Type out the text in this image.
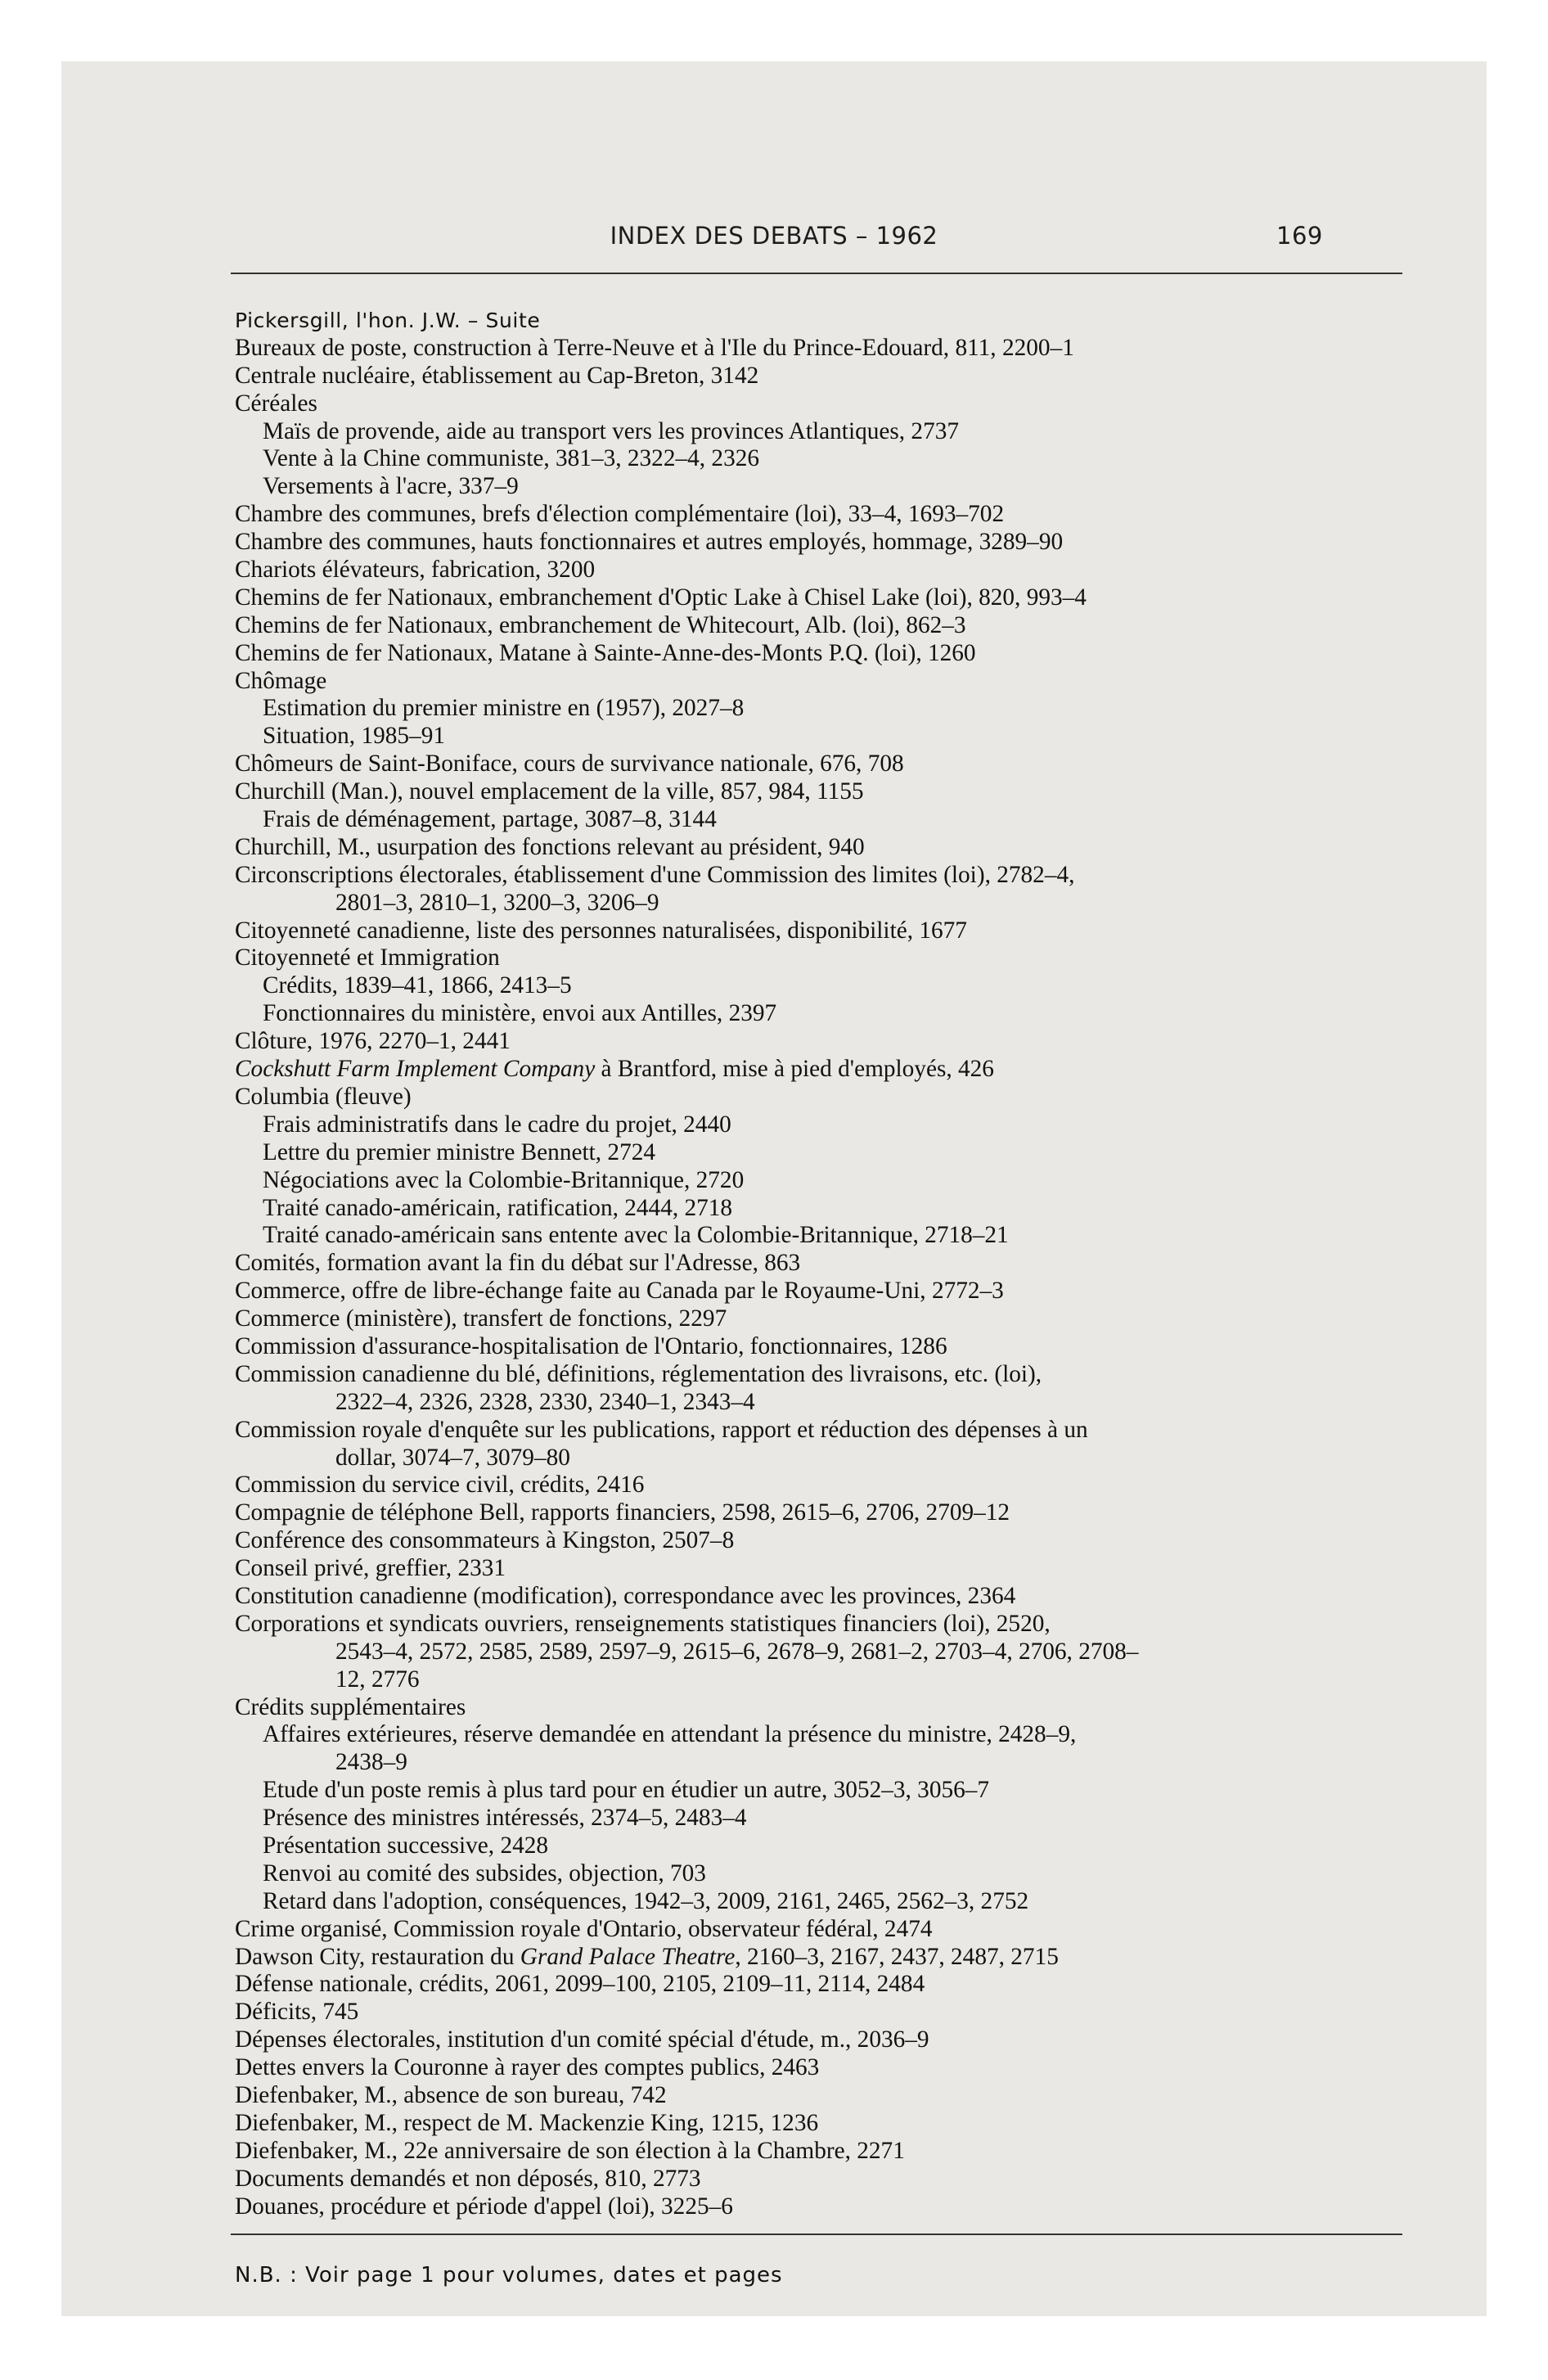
INDEX DES DEBATS – 1962	169
Pickersgill, l'hon. J.W. – Suite
Bureaux de poste, construction à Terre-Neuve et à l'Ile du Prince-Edouard, 811, 2200–1
Centrale nucléaire, établissement au Cap-Breton, 3142
Céréales
Maïs de provende, aide au transport vers les provinces Atlantiques, 2737
Vente à la Chine communiste, 381–3, 2322–4, 2326
Versements à l'acre, 337–9
Chambre des communes, brefs d'élection complémentaire (loi), 33–4, 1693–702
Chambre des communes, hauts fonctionnaires et autres employés, hommage, 3289–90
Chariots élévateurs, fabrication, 3200
Chemins de fer Nationaux, embranchement d'Optic Lake à Chisel Lake (loi), 820, 993–4
Chemins de fer Nationaux, embranchement de Whitecourt, Alb. (loi), 862–3
Chemins de fer Nationaux, Matane à Sainte-Anne-des-Monts P.Q. (loi), 1260
Chômage
Estimation du premier ministre en (1957), 2027–8
Situation, 1985–91
Chômeurs de Saint-Boniface, cours de survivance nationale, 676, 708
Churchill (Man.), nouvel emplacement de la ville, 857, 984, 1155
Frais de déménagement, partage, 3087–8, 3144
Churchill, M., usurpation des fonctions relevant au président, 940
Circonscriptions électorales, établissement d'une Commission des limites (loi), 2782–4,
2801–3, 2810–1, 3200–3, 3206–9
Citoyenneté canadienne, liste des personnes naturalisées, disponibilité, 1677
Citoyenneté et Immigration
Crédits, 1839–41, 1866, 2413–5
Fonctionnaires du ministère, envoi aux Antilles, 2397
Clôture, 1976, 2270–1, 2441
Cockshutt Farm Implement Company à Brantford, mise à pied d'employés, 426
Columbia (fleuve)
Frais administratifs dans le cadre du projet, 2440
Lettre du premier ministre Bennett, 2724
Négociations avec la Colombie-Britannique, 2720
Traité canado-américain, ratification, 2444, 2718
Traité canado-américain sans entente avec la Colombie-Britannique, 2718–21
Comités, formation avant la fin du débat sur l'Adresse, 863
Commerce, offre de libre-échange faite au Canada par le Royaume-Uni, 2772–3
Commerce (ministère), transfert de fonctions, 2297
Commission d'assurance-hospitalisation de l'Ontario, fonctionnaires, 1286
Commission canadienne du blé, définitions, réglementation des livraisons, etc. (loi),
2322–4, 2326, 2328, 2330, 2340–1, 2343–4
Commission royale d'enquête sur les publications, rapport et réduction des dépenses à un
dollar, 3074–7, 3079–80
Commission du service civil, crédits, 2416
Compagnie de téléphone Bell, rapports financiers, 2598, 2615–6, 2706, 2709–12
Conférence des consommateurs à Kingston, 2507–8
Conseil privé, greffier, 2331
Constitution canadienne (modification), correspondance avec les provinces, 2364
Corporations et syndicats ouvriers, renseignements statistiques financiers (loi), 2520,
2543–4, 2572, 2585, 2589, 2597–9, 2615–6, 2678–9, 2681–2, 2703–4, 2706, 2708–
12, 2776
Crédits supplémentaires
Affaires extérieures, réserve demandée en attendant la présence du ministre, 2428–9,
2438–9
Etude d'un poste remis à plus tard pour en étudier un autre, 3052–3, 3056–7
Présence des ministres intéressés, 2374–5, 2483–4
Présentation successive, 2428
Renvoi au comité des subsides, objection, 703
Retard dans l'adoption, conséquences, 1942–3, 2009, 2161, 2465, 2562–3, 2752
Crime organisé, Commission royale d'Ontario, observateur fédéral, 2474
Dawson City, restauration du Grand Palace Theatre, 2160–3, 2167, 2437, 2487, 2715
Défense nationale, crédits, 2061, 2099–100, 2105, 2109–11, 2114, 2484
Déficits, 745
Dépenses électorales, institution d'un comité spécial d'étude, m., 2036–9
Dettes envers la Couronne à rayer des comptes publics, 2463
Diefenbaker, M., absence de son bureau, 742
Diefenbaker, M., respect de M. Mackenzie King, 1215, 1236
Diefenbaker, M., 22e anniversaire de son élection à la Chambre, 2271
Documents demandés et non déposés, 810, 2773
Douanes, procédure et période d'appel (loi), 3225–6
N.B. : Voir page 1 pour volumes, dates et pages
